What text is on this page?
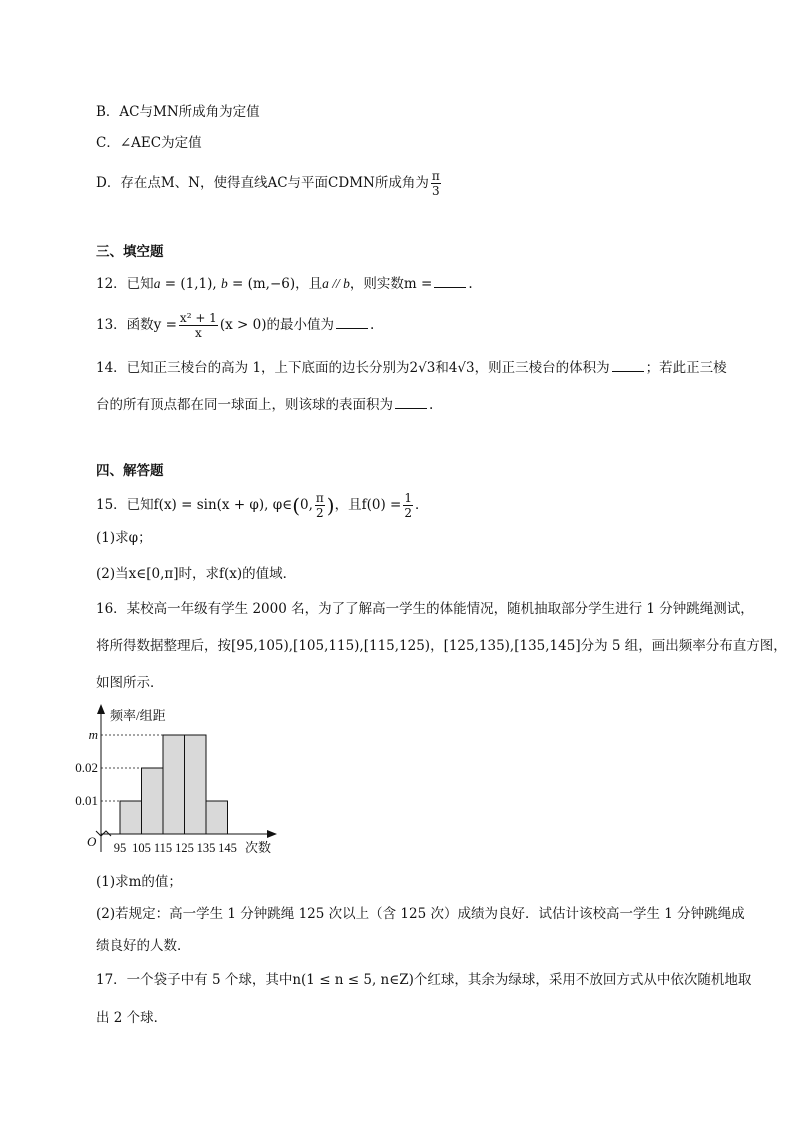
B．AC与MN所成角为定值
C．∠AEC为定值
D．存在点M、N，使得直线AC与平面CDMN所成角为 $\frac{\pi}{3}$
三、填空题
12．已知a = (1,1), b = (m,−6)，且a // b，则实数m =	.
13．函数$y = \frac{\text{x² + 1}}{x} (x > 0)$的最小值为	.
14．已知正三棱台的高为 1，上下底面的边长分别为2√3和4√3，则正三棱台的体积为	；若此正三棱
台的所有顶点都在同一球面上，则该球的表面积为	.
四、解答题
15．已知f(x) = sin(x + φ), φ∈(0, $\frac{\pi}{2}$ )，且$f(0) = \frac{1}{2}$ ．
(1)求φ；
(2)当x∈[0,π]时，求f(x)的值域．
16．某校高一年级有学生 2000 名，为了了解高一学生的体能情况，随机抽取部分学生进行 1 分钟跳绳测试，
将所得数据整理后，按[95,105),[105,115),[115,125)，[125,135),[135,145]分为 5 组，画出频率分布直方图，
如图所示．
频率/组距
次数
O
0.01
0.02
m
95 105 115 125 135 145
(1)求m的值；
(2)若规定：高一学生 1 分钟跳绳 125 次以上（含 125 次）成绩为良好．试估计该校高一学生 1 分钟跳绳成
绩良好的人数．
17．一个袋子中有 5 个球，其中n(1 ≤ n ≤ 5, n∈Z)个红球，其余为绿球，采用不放回方式从中依次随机地取
出 2 个球．
